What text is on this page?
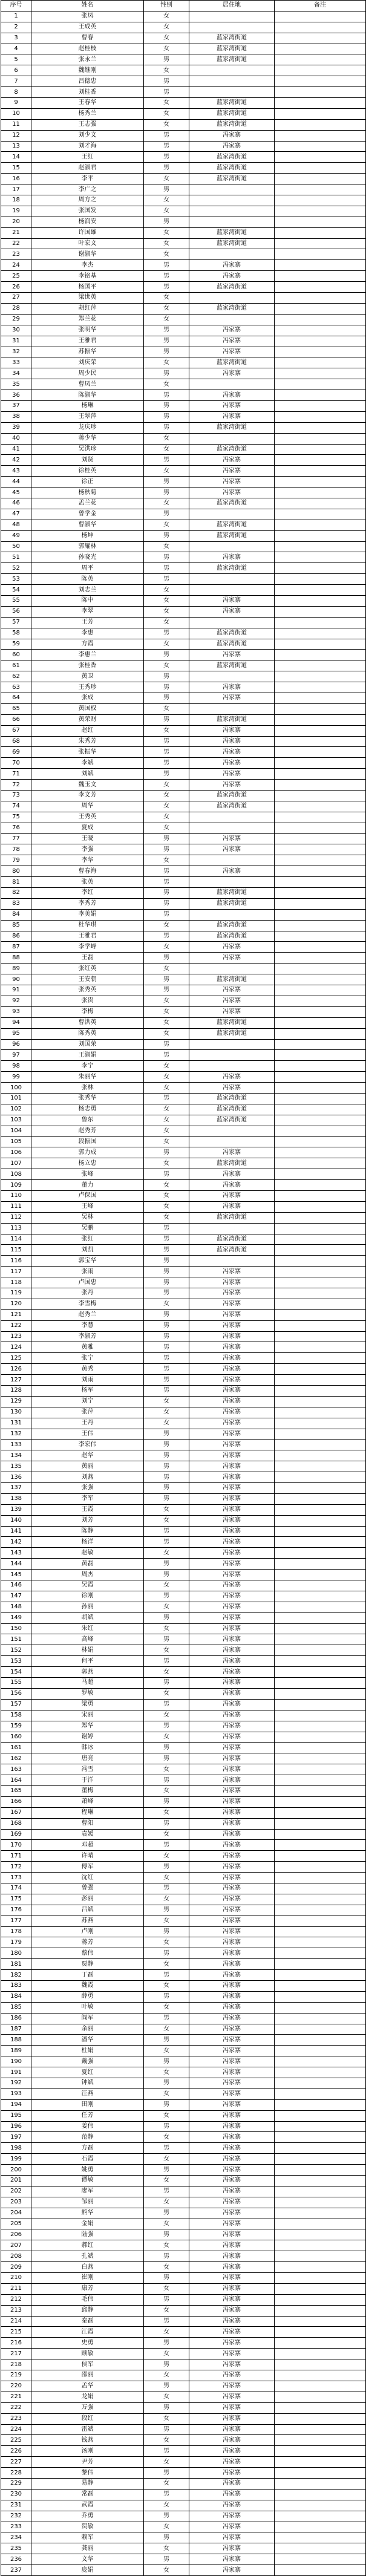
序号	姓名	性别	居住地	备注
1	张凤	女		
2	王成英	女		
3	曹春	女	蓝家湾街道	
4	赵桂枝	女	蓝家湾街道	
5	张永兰	男	蓝家湾街道	
6	魏继刚	女		
7	吕德忠	男		
8	刘桂香	男		
9	王春华	女	蓝家湾街道	
10	杨秀兰	女	蓝家湾街道	
11	王志强	女	蓝家湾街道	
12	刘少文	男	冯家寨	
13	刘才海	男	冯家寨	
14	王红	男	蓝家湾街道	
15	赵淑君	男	蓝家湾街道	
16	李平	女	蓝家湾街道	
17	李广之	男		
18	周方之	女		
19	张国发	女		
20	杨润安	男		
21	许国雄	女	蓝家湾街道	
22	叶宏文	女	蓝家湾街道	
23	谢淑华	女		
24	李杰	男	冯家寨	
25	李铭基	男	冯家寨	
26	杨国平	男	蓝家湾街道	
27	梁世英	女		
28	胡红萍	女	蓝家湾街道	
29	郑兰花	女		
30	张明华	男	冯家寨	
31	王雅君	男	冯家寨	
32	苏振华	男	冯家寨	
33	刘庆荣	女	蓝家湾街道	
34	周少民	男	冯家寨	
35	曹凤兰	女		
36	陈淑华	男	冯家寨	
37	杨琳	男	冯家寨	
38	王翠萍	男	冯家寨	
39	龙庆珍	男	蓝家湾街道	
40	蒋少华	女		
41	吴洪珍	女	蓝家湾街道	
42	刘贤	男	冯家寨	
43	徐桂英	女	冯家寨	
44	徐正	男	冯家寨	
45	杨秋菊	男	冯家寨	
46	孟兰花	女	蓝家湾街道	
47	曾学金	男		
48	曹淑华	女	蓝家湾街道	
49	杨坤	男	蓝家湾街道	
50	郭耀林	女		
51	孙晓光	男	冯家寨	
52	周平	男	蓝家湾街道	
53	陈英	男		
54	刘志兰	女		
55	陈中	女	冯家寨	
56	李翠	女	冯家寨	
57	王芳	女		
58	李惠	男	蓝家湾街道	
59	方霞	女	蓝家湾街道	
60	李惠兰	男	冯家寨	
61	张桂香	女	蓝家湾街道	
62	黄卫	男		
63	王秀珍	男	冯家寨	
64	张成	男	冯家寨	
65	黄国权	女		
66	黄荣财	男	蓝家湾街道	
67	赵红	女	冯家寨	
68	朱秀芳	男	冯家寨	
69	张振华	男	冯家寨	
70	李斌	男	冯家寨	
71	刘斌	男	冯家寨	
72	魏玉文	女	冯家寨	
73	李文芳	女	蓝家湾街道	
74	周华	女	蓝家湾街道	
75	王秀英	女		
76	夏成	女		
77	王晓	男	冯家寨	
78	李强	男	冯家寨	
79	李华	女		
80	曹春海	男	冯家寨	
81	张英	男		
82	李红	男	蓝家湾街道	
83	李秀芳	男	蓝家湾街道	
84	李美娟	男		
85	杜华琪	女	蓝家湾街道	
86	王雅君	男	蓝家湾街道	
87	李学峰	女	冯家寨	
88	王磊	男	冯家寨	
89	张红英	女		
90	王安朝	男	蓝家湾街道	
91	张秀英	男	冯家寨	
92	张贵	女	冯家寨	
93	李梅	女	冯家寨	
94	曹洪英	女	蓝家湾街道	
95	陈秀英	女	蓝家湾街道	
96	刘国荣	男		
97	王淑娟	男		
98	李宁	女		
99	朱丽华	女	冯家寨	
100	张林	女	冯家寨	
101	张秀华	男	蓝家湾街道	
102	杨志勇	女	蓝家湾街道	
103	鲁东	女	蓝家湾街道	
104	赵秀芳	女		
105	段振国	女		
106	郭力成	男	冯家寨	
107	杨立忠	女	蓝家湾街道	
108	张峰	男	冯家寨	
109	董力	女	冯家寨	
110	卢保国	女	冯家寨	
111	王峰	女	冯家寨	
112	吴林	女	蓝家湾街道	
113	吴鹏	男		
114	张红	男	蓝家湾街道	
115	刘凯	男	蓝家湾街道	
116	郭宝华	男		
117	张雨	男	冯家寨	
118	卢国忠	男	冯家寨	
119	张丹	男	冯家寨	
120	李雪梅	女	冯家寨	
121	赵秀兰	男	冯家寨	
122	李慧	男	冯家寨	
123	李淑芳	男	冯家寨	
124	黄雅	男	冯家寨	
125	张宁	男	冯家寨	
126	黄秀	男	冯家寨	
127	刘雨	男	冯家寨	
128	杨军	男	冯家寨	
129	刘宁	女	冯家寨	
130	张萍	女	冯家寨	
131	王丹	女	冯家寨	
132	王伟	男	冯家寨	
133	李宏伟	男	冯家寨	
134	赵华	男	冯家寨	
135	黄丽	男	冯家寨	
136	刘燕	男	冯家寨	
137	张强	男	冯家寨	
138	李军	男	冯家寨	
139	王霞	女	冯家寨	
140	刘芳	女	冯家寨	
141	陈静	男	冯家寨	
142	杨洋	男	冯家寨	
143	赵敏	女	冯家寨	
144	黄磊	男	冯家寨	
145	周杰	男	冯家寨	
146	吴霞	女	冯家寨	
147	徐刚	男	冯家寨	
148	孙丽	女	冯家寨	
149	胡斌	男	冯家寨	
150	朱红	女	冯家寨	
151	高峰	男	冯家寨	
152	林娟	女	冯家寨	
153	何平	男	冯家寨	
154	郭燕	女	冯家寨	
155	马超	男	冯家寨	
156	罗敏	女	冯家寨	
157	梁勇	男	冯家寨	
158	宋丽	女	冯家寨	
159	郑华	男	冯家寨	
160	谢婷	女	冯家寨	
161	韩冰	男	冯家寨	
162	唐亮	男	冯家寨	
163	冯雪	女	冯家寨	
164	于洋	男	冯家寨	
165	董梅	女	冯家寨	
166	萧峰	男	冯家寨	
167	程琳	女	冯家寨	
168	曹阳	男	冯家寨	
169	袁媛	女	冯家寨	
170	邓超	男	冯家寨	
171	许晴	女	冯家寨	
172	傅军	男	冯家寨	
173	沈红	女	冯家寨	
174	曾强	男	冯家寨	
175	彭丽	女	冯家寨	
176	吕斌	男	冯家寨	
177	苏燕	女	冯家寨	
178	卢刚	男	冯家寨	
179	蒋芳	女	冯家寨	
180	蔡伟	男	冯家寨	
181	贾静	女	冯家寨	
182	丁磊	男	冯家寨	
183	魏霞	女	冯家寨	
184	薛勇	男	冯家寨	
185	叶敏	女	冯家寨	
186	阎军	男	冯家寨	
187	余丽	女	冯家寨	
188	潘华	男	冯家寨	
189	杜娟	女	冯家寨	
190	戴强	男	冯家寨	
191	夏红	女	冯家寨	
192	钟斌	男	冯家寨	
193	汪燕	女	冯家寨	
194	田刚	男	冯家寨	
195	任芳	女	冯家寨	
196	姜伟	男	冯家寨	
197	范静	女	冯家寨	
198	方磊	男	冯家寨	
199	石霞	女	冯家寨	
200	姚勇	男	冯家寨	
201	谭敏	女	冯家寨	
202	廖军	男	冯家寨	
203	邹丽	女	冯家寨	
204	熊华	男	冯家寨	
205	金娟	女	冯家寨	
206	陆强	男	冯家寨	
207	郝红	女	冯家寨	
208	孔斌	男	冯家寨	
209	白燕	女	冯家寨	
210	崔刚	男	冯家寨	
211	康芳	女	冯家寨	
212	毛伟	男	冯家寨	
213	邱静	女	冯家寨	
214	秦磊	男	冯家寨	
215	江霞	女	冯家寨	
216	史勇	男	冯家寨	
217	顾敏	女	冯家寨	
218	侯军	男	冯家寨	
219	邵丽	女	冯家寨	
220	孟华	男	冯家寨	
221	龙娟	女	冯家寨	
222	万强	男	冯家寨	
223	段红	女	冯家寨	
224	雷斌	男	冯家寨	
225	钱燕	女	冯家寨	
226	汤刚	男	冯家寨	
227	尹芳	女	冯家寨	
228	黎伟	男	冯家寨	
229	易静	女	冯家寨	
230	常磊	男	冯家寨	
231	武霞	女	冯家寨	
232	乔勇	男	冯家寨	
233	贺敏	女	冯家寨	
234	赖军	男	冯家寨	
235	龚丽	女	冯家寨	
236	文华	男	冯家寨	
237	庞娟	女	冯家寨	
